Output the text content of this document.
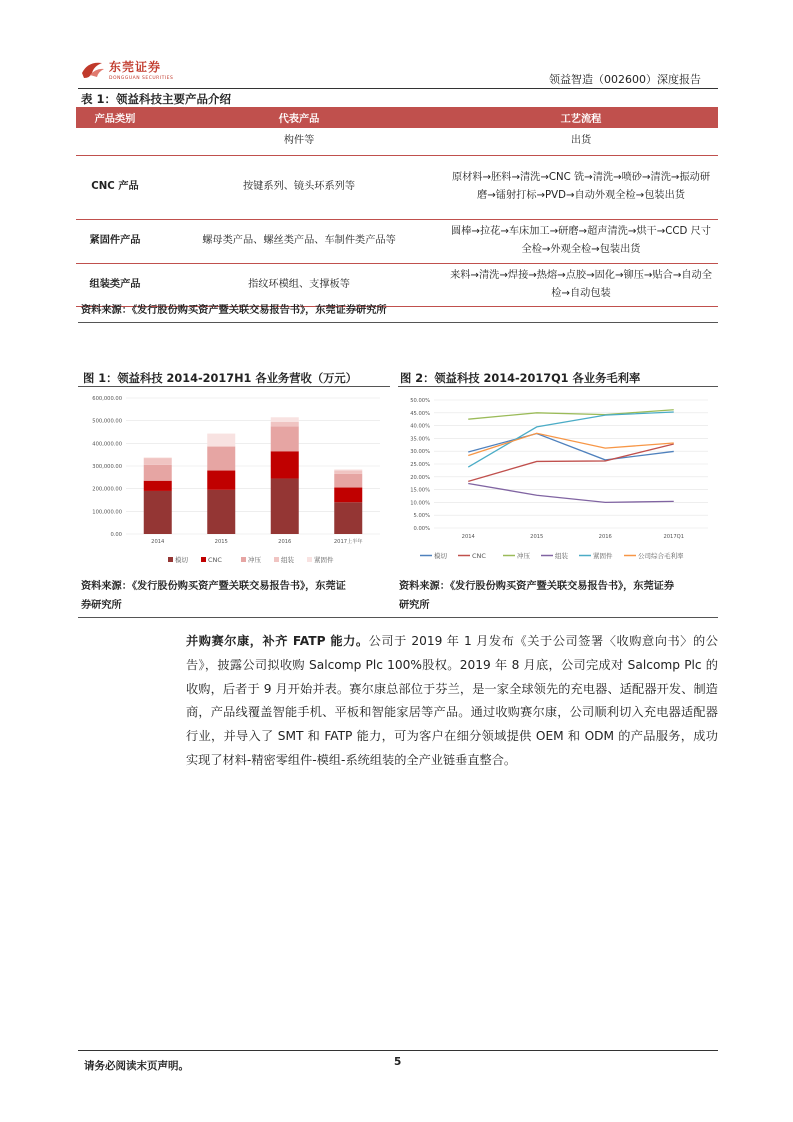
东莞证券
DONGGUAN SECURITIES	领益智造（002600）深度报告
表 1：领益科技主要产品介绍
产品类别	代表产品	工艺流程
	构件等	出货
CNC 产品	按键系列、镜头环系列等	原材料→胚料→清洗→CNC 铣→清洗→喷砂→清洗→振动研磨→镭射打标→PVD→自动外观全检→包装出货
紧固件产品	螺母类产品、螺丝类产品、车制件类产品等	圆棒→拉花→车床加工→研磨→超声清洗→烘干→CCD 尺寸全检→外观全检→包装出货
组装类产品	指纹环模组、支撑板等	来料→清洗→焊接→热熔→点胶→固化→铆压→贴合→自动全检→自动包装
资料来源：《发行股份购买资产暨关联交易报告书》，东莞证券研究所
图 1：领益科技 2014-2017H1 各业务营收（万元）
0.00
100,000.00
200,000.00
300,000.00
400,000.00
500,000.00
600,000.00
2014	2015	2016	2017上半年
模切	CNC	冲压	组装	紧固件
资料来源：《发行股份购买资产暨关联交易报告书》，东莞证
券研究所
图 2：领益科技 2014-2017Q1 各业务毛利率
0.00%
5.00%
10.00%
15.00%
20.00%
25.00%
30.00%
35.00%
40.00%
45.00%
50.00%
2014	2015	2016	2017Q1
模切	CNC	冲压	组装	紧固件	公司综合毛利率
资料来源：《发行股份购买资产暨关联交易报告书》，东莞证券
研究所
并购赛尔康，补齐 FATP 能力。公司于 2019 年 1 月发布《关于公司签署〈收购意向书〉的公告》，披露公司拟收购 Salcomp Plc 100%股权。2019 年 8 月底，公司完成对 Salcomp Plc 的收购，后者于 9 月开始并表。赛尔康总部位于芬兰，是一家全球领先的充电器、适配器开发、制造商，产品线覆盖智能手机、平板和智能家居等产品。通过收购赛尔康，公司顺利切入充电器适配器行业，并导入了 SMT 和 FATP 能力，可为客户在细分领域提供 OEM 和 ODM 的产品服务，成功实现了材料-精密零组件-模组-系统组装的全产业链垂直整合。
请务必阅读末页声明。	5
